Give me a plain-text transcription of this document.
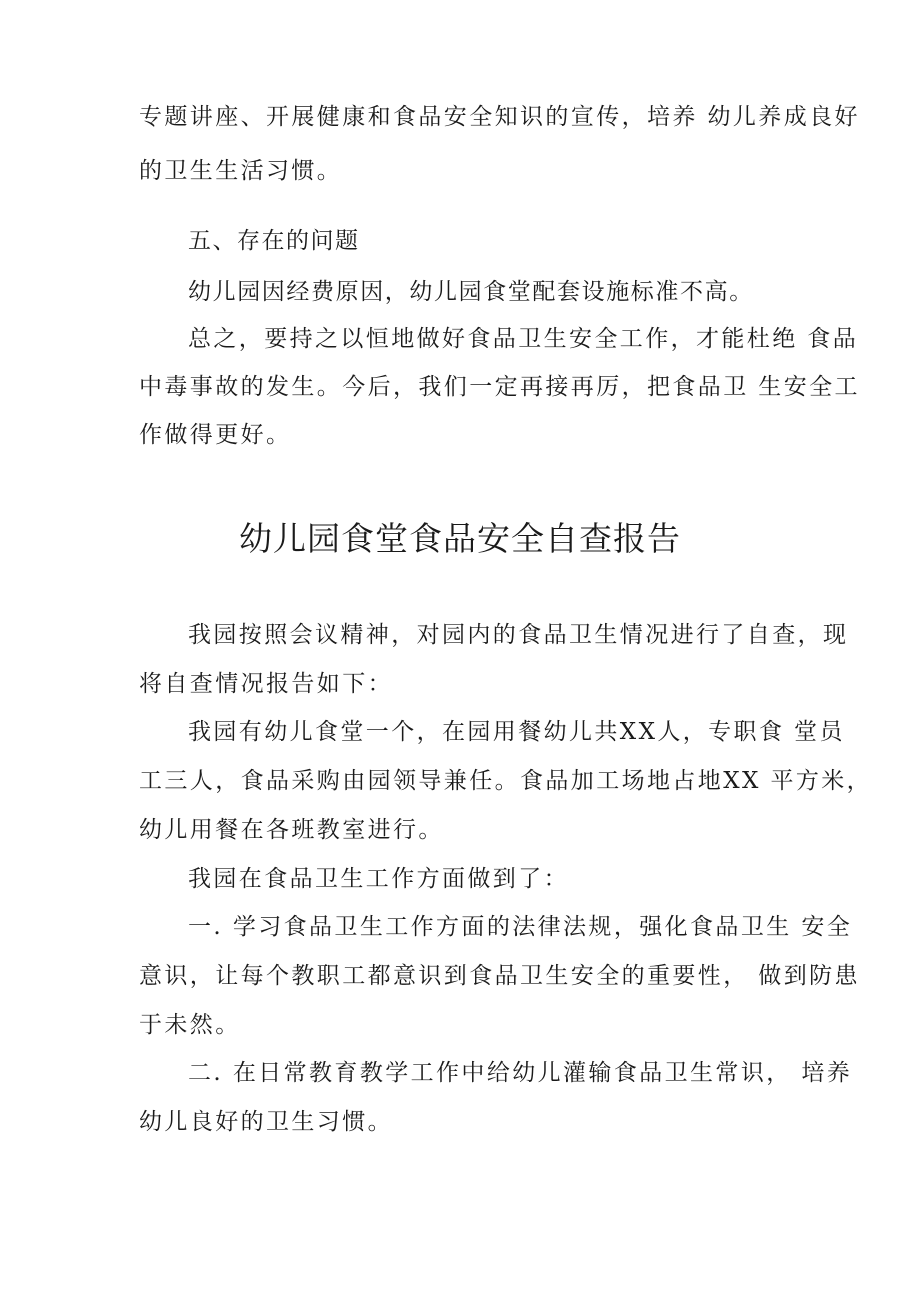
专题讲座、开展健康和食品安全知识的宣传，培养 幼儿养成良好
的卫生生活习惯。
五、存在的问题
幼儿园因经费原因，幼儿园食堂配套设施标准不高。
总之，要持之以恒地做好食品卫生安全工作，才能杜绝 食品
中毒事故的发生。今后，我们一定再接再厉，把食品卫 生安全工
作做得更好。
幼儿园食堂食品安全自查报告
我园按照会议精神，对园内的食品卫生情况进行了自查，现
将自查情况报告如下：
我园有幼儿食堂一个，在园用餐幼儿共XX人，专职食 堂员
工三人，食品采购由园领导兼任。食品加工场地占地XX 平方米，
幼儿用餐在各班教室进行。
我园在食品卫生工作方面做到了：
一. 学习食品卫生工作方面的法律法规，强化食品卫生 安全
意识，让每个教职工都意识到食品卫生安全的重要性， 做到防患
于未然。
二. 在日常教育教学工作中给幼儿灌输食品卫生常识， 培养
幼儿良好的卫生习惯。
